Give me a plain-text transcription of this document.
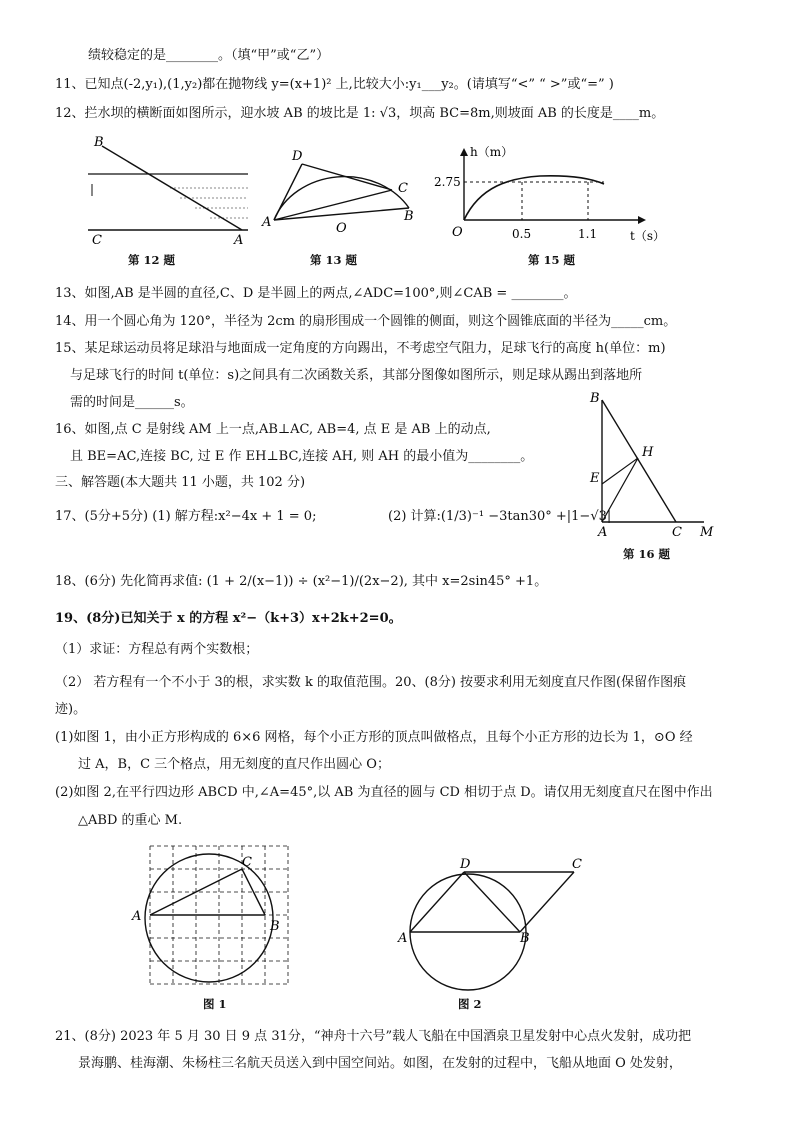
绩较稳定的是________。（填“甲”或“乙”）
11、已知点(-2,y₁),(1,y₂)都在抛物线 y=(x+1)² 上,比较大小:y₁___y₂。(请填写“<” “ >”或“=” )
12、拦水坝的横断面如图所示，迎水坡 AB 的坡比是 1: √3，坝高 BC=8m,则坡面 AB 的长度是____m。
B
C	A
第 12 题
D
C
A	O
B
第 13 题
h（m）
2.75
0.5	1.1
O	t（s）
第 15 题
13、如图,AB 是半圆的直径,C、D 是半圆上的两点,∠ADC=100°,则∠CAB = ________。
14、用一个圆心角为 120°，半径为 2cm 的扇形围成一个圆锥的侧面，则这个圆锥底面的半径为_____cm。
15、某足球运动员将足球沿与地面成一定角度的方向踢出，不考虑空气阻力，足球飞行的高度 h(单位：m)
与足球飞行的时间 t(单位：s)之间具有二次函数关系，其部分图像如图所示，则足球从踢出到落地所
需的时间是______s。
16、如图,点 C 是射线 AM 上一点,AB⊥AC, AB=4, 点 E 是 AB 上的动点,
且 BE=AC,连接 BC, 过 E 作 EH⊥BC,连接 AH, 则 AH 的最小值为________。
B
E
H
A	C M
第 16 题
三、解答题(本大题共 11 小题，共 102 分)
17、(5分+5分) (1) 解方程:x²−4x + 1 = 0;	(2) 计算:(1/3)⁻¹ −3tan30° +|1−√3|
18、(6分) 先化简再求值: (1 + 2/(x−1)) ÷ (x²−1)/(2x−2), 其中 x=2sin45° +1。
19、(8分)已知关于 x 的方程 x²−（k+3）x+2k+2=0。
（1）求证：方程总有两个实数根；
（2） 若方程有一个不小于 3的根，求实数 k 的取值范围。20、(8分) 按要求利用无刻度直尺作图(保留作图痕
迹)。
(1)如图 1，由小正方形构成的 6×6 网格，每个小正方形的顶点叫做格点，且每个小正方形的边长为 1，⊙O 经
过 A，B，C 三个格点，用无刻度的直尺作出圆心 O；
(2)如图 2,在平行四边形 ABCD 中,∠A=45°,以 AB 为直径的圆与 CD 相切于点 D。请仅用无刻度直尺在图中作出
△ABD 的重心 M.
A
B
C
图 1
D	C
A	B
图 2
21、(8分) 2023 年 5 月 30 日 9 点 31分，“神舟十六号”载人飞船在中国酒泉卫星发射中心点火发射，成功把
景海鹏、桂海潮、朱杨柱三名航天员送入到中国空间站。如图，在发射的过程中，飞船从地面 O 处发射，
